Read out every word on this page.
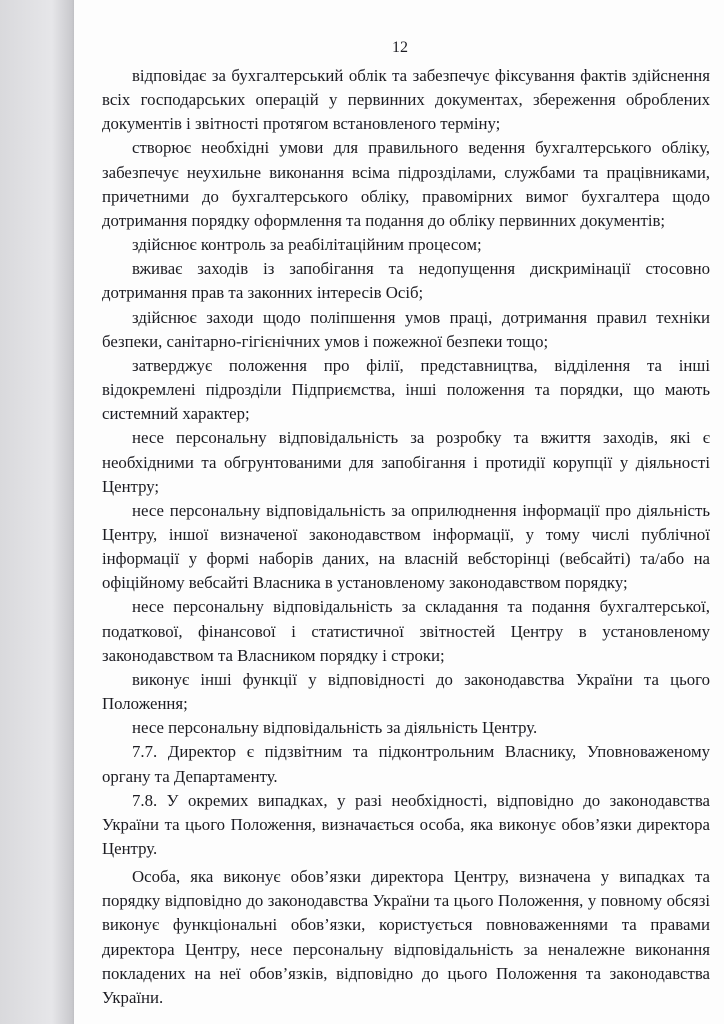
12

відповідає за бухгалтерський облік та забезпечує фіксування фактів здійснення всіх господарських операцій у первинних документах, збереження оброблених документів і звітності протягом встановленого терміну;

створює необхідні умови для правильного ведення бухгалтерського обліку, забезпечує неухильне виконання всіма підрозділами, службами та працівниками, причетними до бухгалтерського обліку, правомірних вимог бухгалтера щодо дотримання порядку оформлення та подання до обліку первинних документів;

здійснює контроль за реабілітаційним процесом;

вживає заходів із запобігання та недопущення дискримінації стосовно дотримання прав та законних інтересів Осіб;

здійснює заходи щодо поліпшення умов праці, дотримання правил техніки безпеки, санітарно-гігієнічних умов і пожежної безпеки тощо;

затверджує положення про філії, представництва, відділення та інші відокремлені підрозділи Підприємства, інші положення та порядки, що мають системний характер;

несе персональну відповідальність за розробку та вжиття заходів, які є необхідними та обгрунтованими для запобігання і протидії корупції у діяльності Центру;

несе персональну відповідальність за оприлюднення інформації про діяльність Центру, іншої визначеної законодавством інформації, у тому числі публічної інформації у формі наборів даних, на власній вебсторінці (вебсайті) та/або на офіційному вебсайті Власника в установленому законодавством порядку;

несе персональну відповідальність за складання та подання бухгалтерської, податкової, фінансової і статистичної звітностей Центру в установленому законодавством та Власником порядку і строки;

виконує інші функції у відповідності до законодавства України та цього Положення;

несе персональну відповідальність за діяльність Центру.

7.7. Директор є підзвітним та підконтрольним Власнику, Уповноваженому органу та Департаменту.

7.8. У окремих випадках, у разі необхідності, відповідно до законодавства України та цього Положення, визначається особа, яка виконує обов’язки директора Центру.

Особа, яка виконує обов’язки директора Центру, визначена у випадках та порядку відповідно до законодавства України та цього Положення, у повному обсязі виконує функціональні обов’язки, користується повноваженнями та правами директора Центру, несе персональну відповідальність за неналежне виконання покладених на неї обов’язків, відповідно до цього Положення та законодавства України.
